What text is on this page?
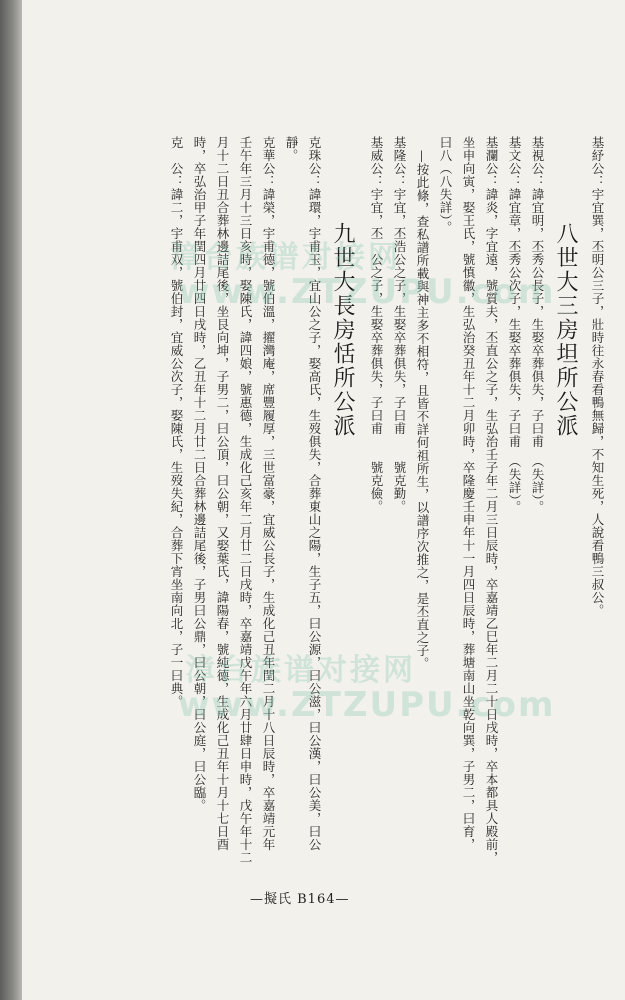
基紓公：宇宜巽，丕明公三子，壯時往永春看鴨無歸，不知生死，人說看鴨三叔公。
八世大三房坦所公派
基視公：諱宜明，丕秀公長子，生娶卒葬俱失，子曰甫　（失詳）。
基文公：諱宜章，丕秀公次子，生娶卒葬俱失，子曰甫　（失詳）。
基瀾公：諱炎，字宜遠，號質夫，丕直公之子，生弘治壬子年二月三日辰時，卒嘉靖乙巳年二月二十日戌時，卒本都具人殿前，
坐申向寅，娶王氏，號慎徽，生弘治癸丑年十二月卯時，卒隆慶壬申年十一月四日辰時，葬塘南山坐乾向巽，子男二，曰育，
曰八（八失詳）。
—按此條，查私譜所載與神主多不相符，且皆不詳何祖所生，以譜序次推之，是丕直之子。
基隆公：宇宜，丕浩公之子，生娶卒葬俱失，子曰甫　　號克勤。
基威公：宇宜，丕　公之子，生娶卒葬俱失，子曰甫　　號克儉。
九世大長房恬所公派
克珠公：諱環，宇甫玉，宜山公之子，娶高氏，生歿俱失，合葬東山之陽，生子五，曰公源，曰公滋，曰公漢，曰公美，曰公
靜。
克華公：諱榮，宇甫德，號伯溫，擢灣庵，席豐履厚，三世富豪，宜威公長子，生成化己丑年閏二月十八日辰時，卒嘉靖元年
壬午年三月十三日亥時，娶陳氏，諱四娘，號惠德，生成化己亥年二月廿二日戌時，卒嘉靖戊午年六月廿肆日申時，戊午年十二
月十二日丑合葬林邊詰尾後，坐艮向坤，子男二，曰公頂，曰公朝，又娶葉氏，諱陽春，號純德，生成化己丑年十月十七日酉
時，卒弘治甲子年閏四月廿四日戌時，乙丑年十二月廿二日合葬林邊詰尾後，子男曰公鼎，曰公朝，曰公庭，曰公臨。
克　公：諱二，宇甫双，號伯封，宜威公次子，娶陳氏，生歿失紀，合葬下宵坐南向北，子一曰典。
漳台族谱对接网
www.ZTZUPU.com
漳台族谱对接网
www.ZTZUPU.com
—擬氏 B164—
